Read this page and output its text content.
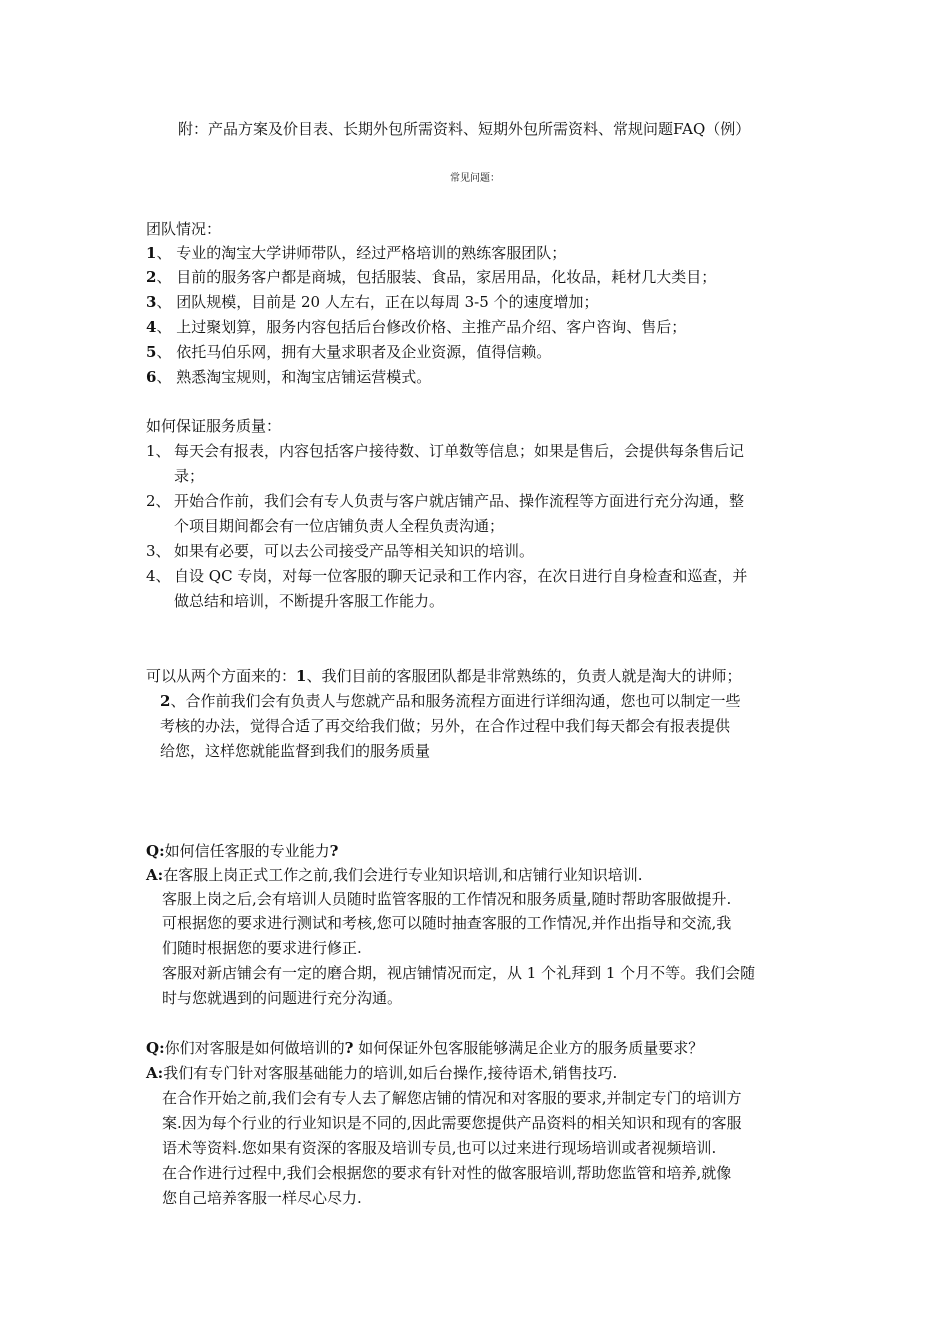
附：产品方案及价目表、长期外包所需资料、短期外包所需资料、常规问题FAQ（例）
常见问题：
团队情况：
1、 专业的淘宝大学讲师带队，经过严格培训的熟练客服团队；
2、 目前的服务客户都是商城，包括服装、食品，家居用品，化妆品，耗材几大类目；
3、 团队规模，目前是 20 人左右，正在以每周 3-5 个的速度增加；
4、 上过聚划算，服务内容包括后台修改价格、主推产品介绍、客户咨询、售后；
5、 依托马伯乐网，拥有大量求职者及企业资源，值得信赖。
6、 熟悉淘宝规则，和淘宝店铺运营模式。
如何保证服务质量：
1、 每天会有报表，内容包括客户接待数、订单数等信息；如果是售后，会提供每条售后记
录；
2、 开始合作前，我们会有专人负责与客户就店铺产品、操作流程等方面进行充分沟通，整
个项目期间都会有一位店铺负责人全程负责沟通；
3、 如果有必要，可以去公司接受产品等相关知识的培训。
4、 自设 QC 专岗，对每一位客服的聊天记录和工作内容，在次日进行自身检查和巡查，并
做总结和培训，不断提升客服工作能力。
可以从两个方面来的：1、我们目前的客服团队都是非常熟练的，负责人就是淘大的讲师；
2、合作前我们会有负责人与您就产品和服务流程方面进行详细沟通，您也可以制定一些
考核的办法，觉得合适了再交给我们做；另外，在合作过程中我们每天都会有报表提供
给您，这样您就能监督到我们的服务质量
Q:如何信任客服的专业能力?
A:在客服上岗正式工作之前,我们会进行专业知识培训,和店铺行业知识培训.
客服上岗之后,会有培训人员随时监管客服的工作情况和服务质量,随时帮助客服做提升.
可根据您的要求进行测试和考核,您可以随时抽查客服的工作情况,并作出指导和交流,我
们随时根据您的要求进行修正.
客服对新店铺会有一定的磨合期，视店铺情况而定，从 1 个礼拜到 1 个月不等。我们会随
时与您就遇到的问题进行充分沟通。
Q:你们对客服是如何做培训的? 如何保证外包客服能够满足企业方的服务质量要求？
A:我们有专门针对客服基础能力的培训,如后台操作,接待语术,销售技巧.
在合作开始之前,我们会有专人去了解您店铺的情况和对客服的要求,并制定专门的培训方
案.因为每个行业的行业知识是不同的,因此需要您提供产品资料的相关知识和现有的客服
语术等资料.您如果有资深的客服及培训专员,也可以过来进行现场培训或者视频培训.
在合作进行过程中,我们会根据您的要求有针对性的做客服培训,帮助您监管和培养,就像
您自己培养客服一样尽心尽力.
